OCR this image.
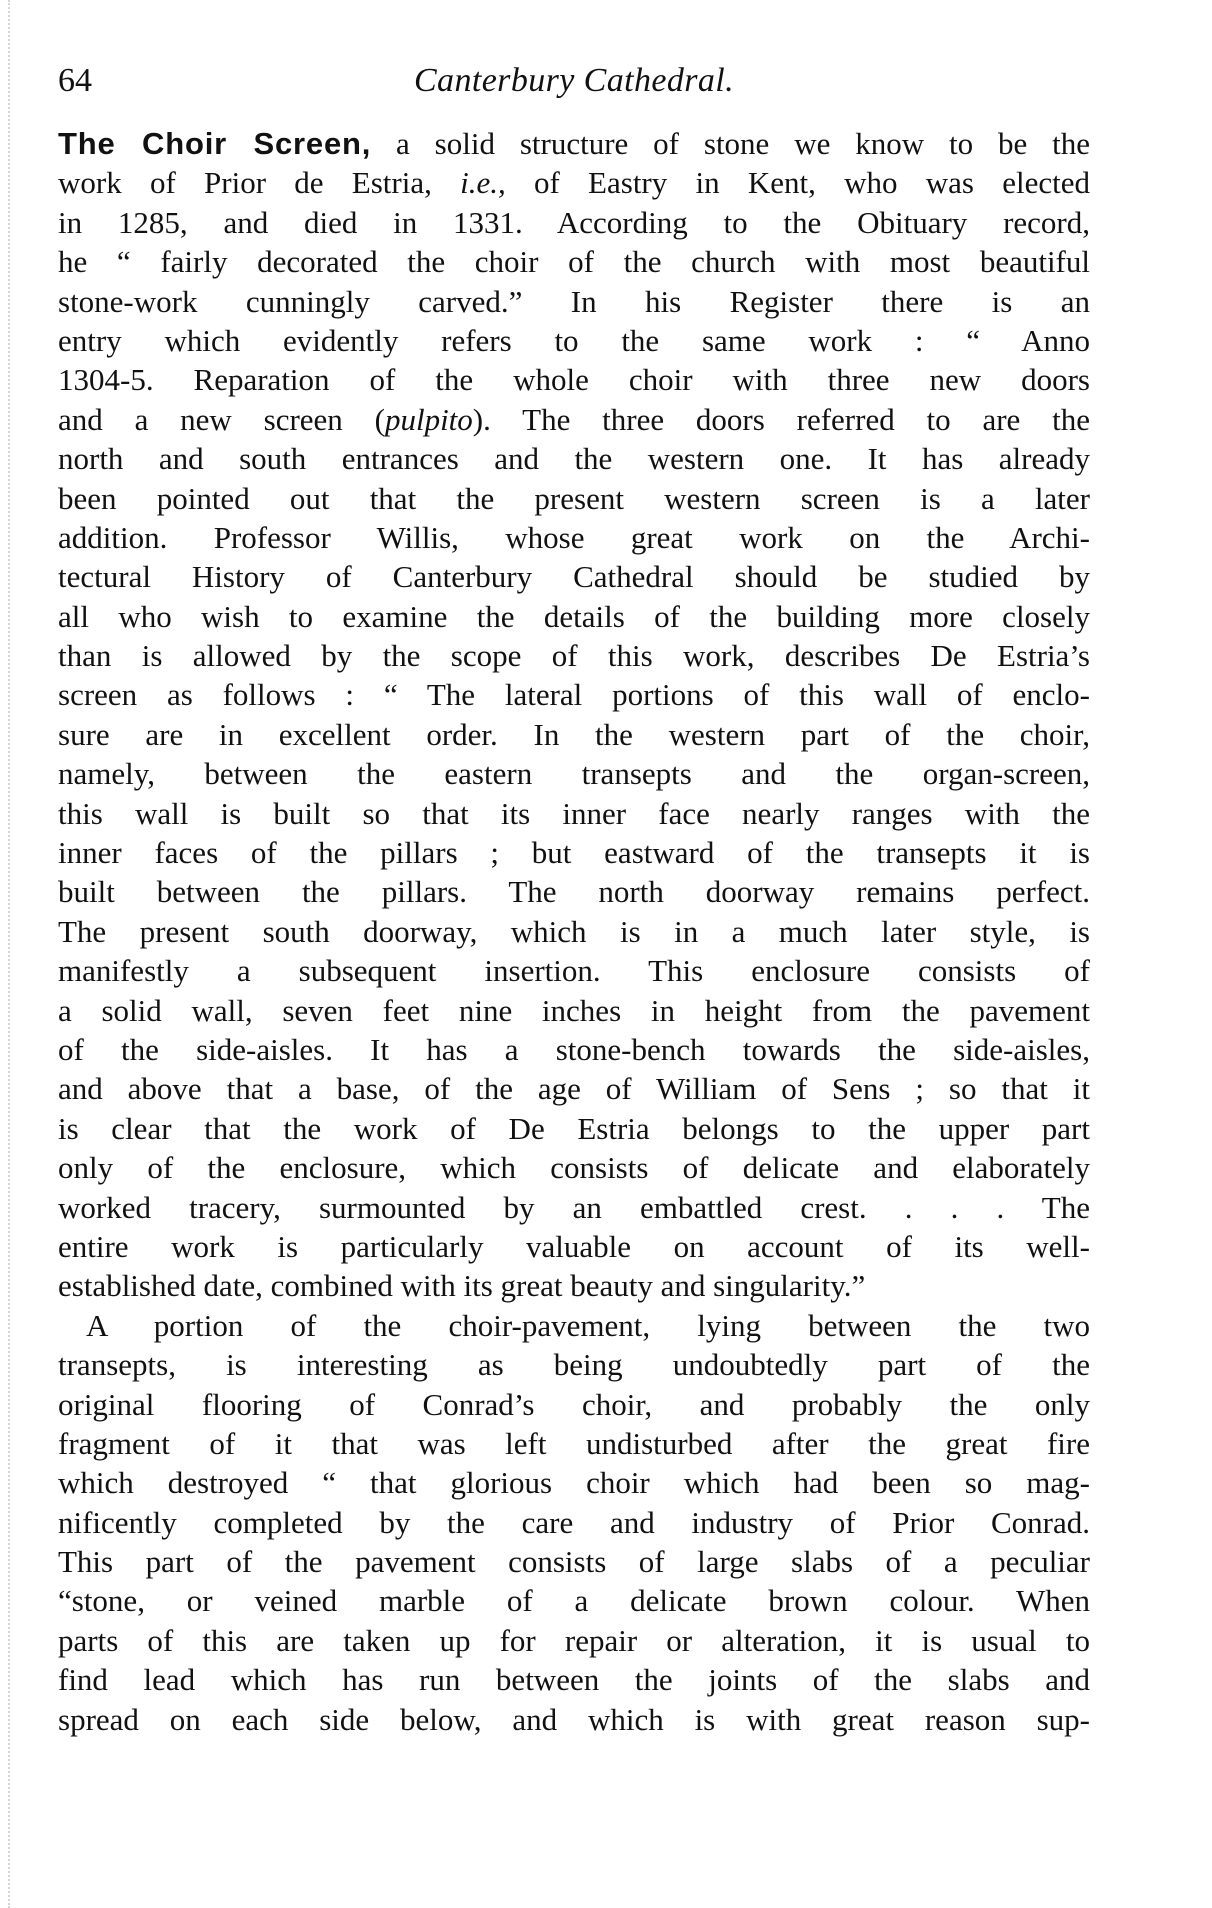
64	Canterbury Cathedral.
The Choir Screen, a solid structure of stone we know to be the
work of Prior de Estria, i.e., of Eastry in Kent, who was elected
in 1285, and died in 1331. According to the Obituary record,
he “ fairly decorated the choir of the church with most beautiful
stone-work cunningly carved.” In his Register there is an
entry which evidently refers to the same work : “ Anno
1304-5. Reparation of the whole choir with three new doors
and a new screen (pulpito). The three doors referred to are the
north and south entrances and the western one. It has already
been pointed out that the present western screen is a later
addition. Professor Willis, whose great work on the Archi-
tectural History of Canterbury Cathedral should be studied by
all who wish to examine the details of the building more closely
than is allowed by the scope of this work, describes De Estria’s
screen as follows : “ The lateral portions of this wall of enclo-
sure are in excellent order. In the western part of the choir,
namely, between the eastern transepts and the organ-screen,
this wall is built so that its inner face nearly ranges with the
inner faces of the pillars ; but eastward of the transepts it is
built between the pillars. The north doorway remains perfect.
The present south doorway, which is in a much later style, is
manifestly a subsequent insertion. This enclosure consists of
a solid wall, seven feet nine inches in height from the pavement
of the side-aisles. It has a stone-bench towards the side-aisles,
and above that a base, of the age of William of Sens ; so that it
is clear that the work of De Estria belongs to the upper part
only of the enclosure, which consists of delicate and elaborately
worked tracery, surmounted by an embattled crest. . . . The
entire work is particularly valuable on account of its well-
established date, combined with its great beauty and singularity.”
A portion of the choir-pavement, lying between the two
transepts, is interesting as being undoubtedly part of the
original flooring of Conrad’s choir, and probably the only
fragment of it that was left undisturbed after the great fire
which destroyed “ that glorious choir which had been so mag-
nificently completed by the care and industry of Prior Conrad.
This part of the pavement consists of large slabs of a peculiar
“stone, or veined marble of a delicate brown colour. When
parts of this are taken up for repair or alteration, it is usual to
find lead which has run between the joints of the slabs and
spread on each side below, and which is with great reason sup-
